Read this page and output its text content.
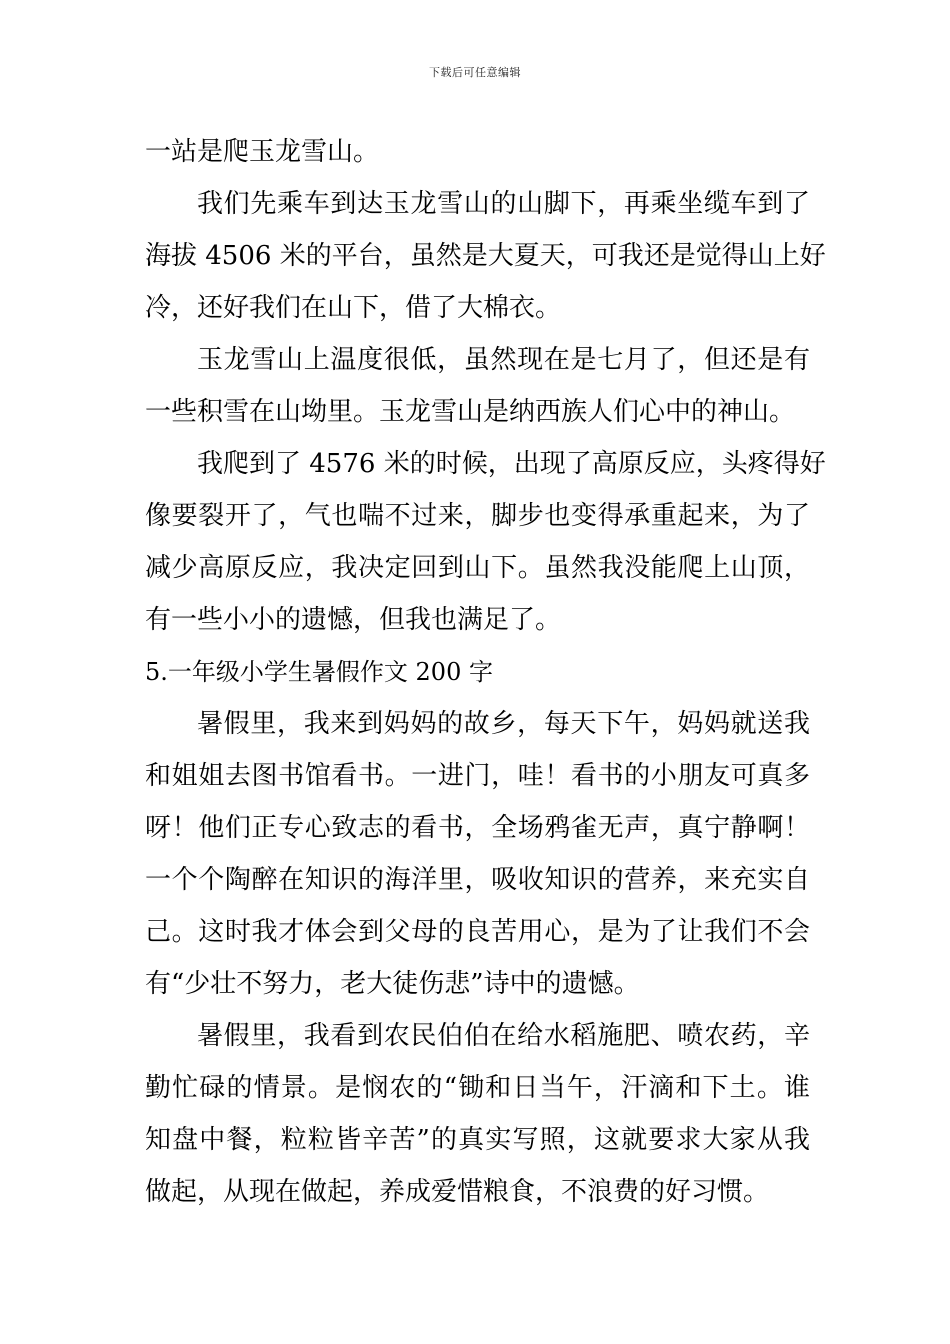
下载后可任意编辑
一站是爬玉龙雪山。
我们先乘车到达玉龙雪山的山脚下，再乘坐缆车到了
海拔 4506 米的平台，虽然是大夏天，可我还是觉得山上好
冷，还好我们在山下，借了大棉衣。
玉龙雪山上温度很低，虽然现在是七月了，但还是有
一些积雪在山坳里。玉龙雪山是纳西族人们心中的神山。
我爬到了 4576 米的时候，出现了高原反应，头疼得好
像要裂开了，气也喘不过来，脚步也变得承重起来，为了
减少高原反应，我决定回到山下。虽然我没能爬上山顶，
有一些小小的遗憾，但我也满足了。
5.一年级小学生暑假作文 200 字
暑假里，我来到妈妈的故乡，每天下午，妈妈就送我
和姐姐去图书馆看书。一进门，哇！看书的小朋友可真多
呀！他们正专心致志的看书，全场鸦雀无声，真宁静啊！
一个个陶醉在知识的海洋里，吸收知识的营养，来充实自
己。这时我才体会到父母的良苦用心，是为了让我们不会
有“少壮不努力，老大徒伤悲”诗中的遗憾。
暑假里，我看到农民伯伯在给水稻施肥、喷农药，辛
勤忙碌的情景。是悯农的“锄和日当午，汗滴和下土。谁
知盘中餐，粒粒皆辛苦”的真实写照，这就要求大家从我
做起，从现在做起，养成爱惜粮食，不浪费的好习惯。
